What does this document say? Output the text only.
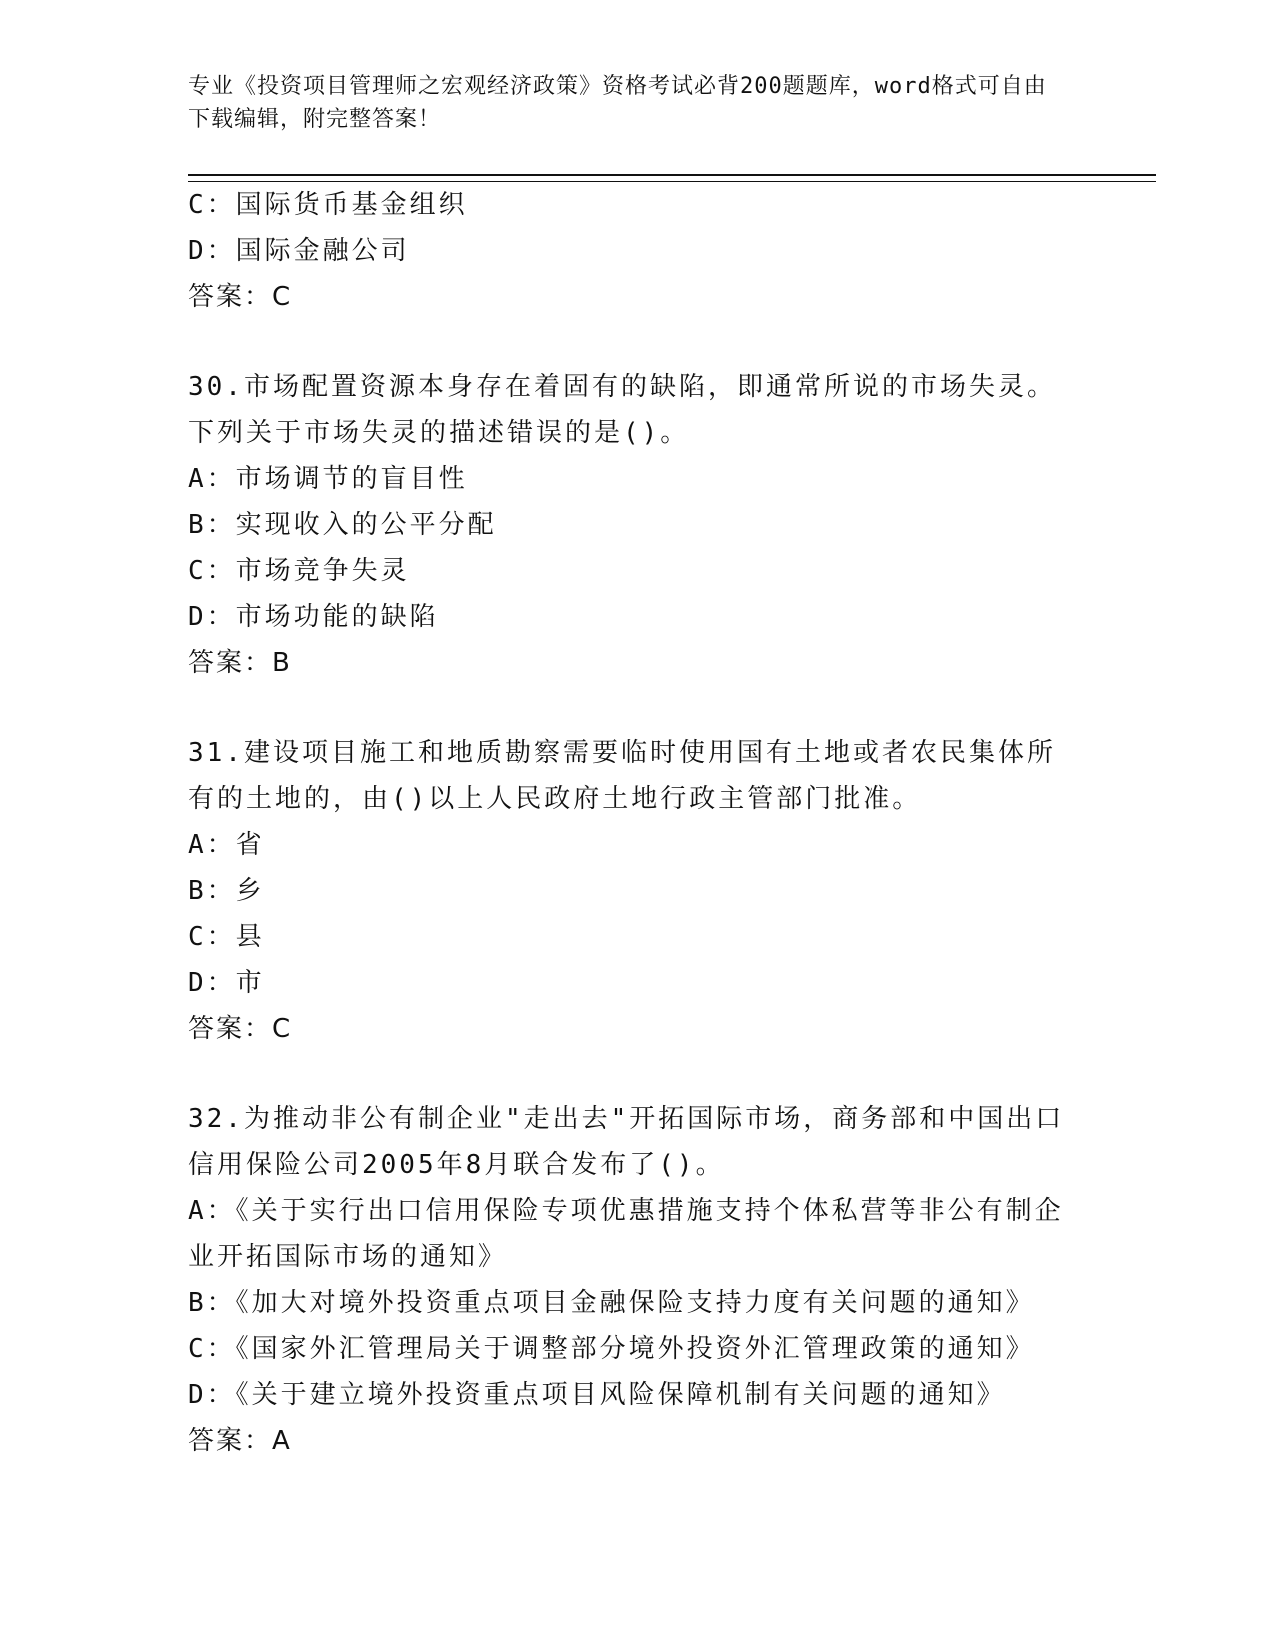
专业《投资项目管理师之宏观经济政策》资格考试必背200题题库，word格式可自由下载编辑，附完整答案！

C：国际货币基金组织

D：国际金融公司

答案：C

30.市场配置资源本身存在着固有的缺陷，即通常所说的市场失灵。下列关于市场失灵的描述错误的是()。

A：市场调节的盲目性

B：实现收入的公平分配

C：市场竞争失灵

D：市场功能的缺陷

答案：B

31.建设项目施工和地质勘察需要临时使用国有土地或者农民集体所有的土地的，由()以上人民政府土地行政主管部门批准。

A：省

B：乡

C：县

D：市

答案：C

32.为推动非公有制企业"走出去"开拓国际市场，商务部和中国出口信用保险公司2005年8月联合发布了()。

A：《关于实行出口信用保险专项优惠措施支持个体私营等非公有制企业开拓国际市场的通知》

B：《加大对境外投资重点项目金融保险支持力度有关问题的通知》

C：《国家外汇管理局关于调整部分境外投资外汇管理政策的通知》

D：《关于建立境外投资重点项目风险保障机制有关问题的通知》

答案：A
